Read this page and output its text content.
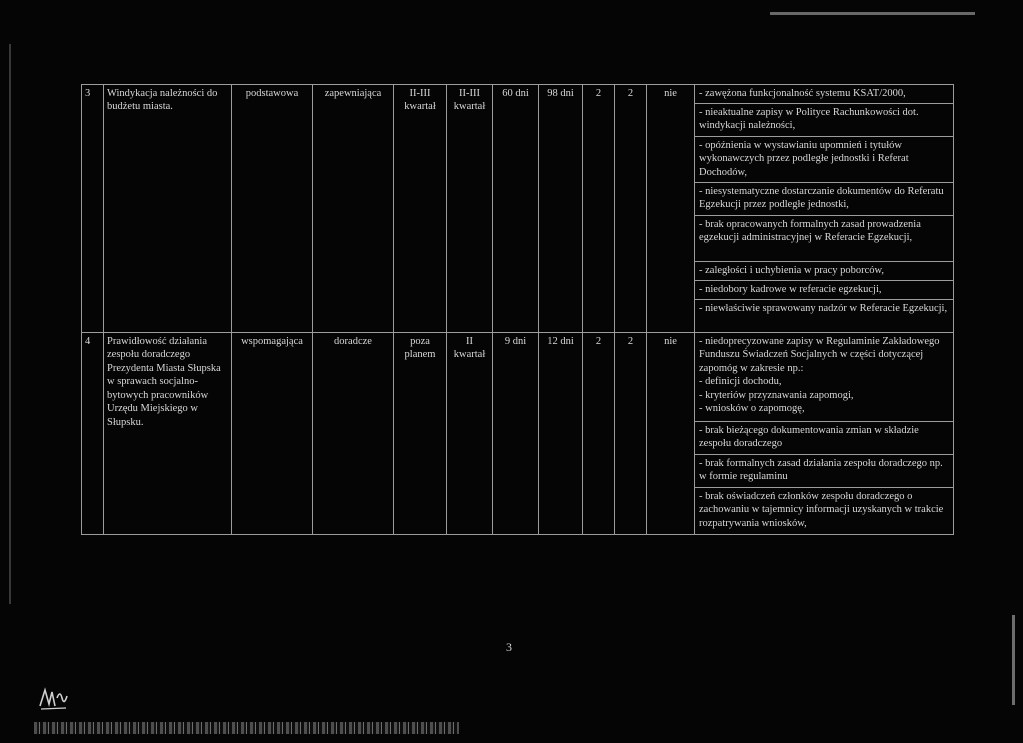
3	Windykacja należności do budżetu miasta.	podstawowa	zapewniająca	II-III kwartał	II-III kwartał	60 dni	98 dni	2	2	nie	- zawężona funkcjonalność systemu KSAT/2000,
											- nieaktualne zapisy w Polityce Rachunkowości dot. windykacji należności,
											- opóźnienia w wystawianiu upomnień i tytułów wykonawczych przez podległe jednostki i Referat Dochodów,
											- niesystematyczne dostarczanie dokumentów do Referatu Egzekucji przez podległe jednostki,
											- brak opracowanych formalnych zasad prowadzenia egzekucji administracyjnej w Referacie Egzekucji,
											- zaległości i uchybienia w pracy poborców,
											- niedobory kadrowe w referacie egzekucji,
											- niewłaściwie sprawowany nadzór w Referacie Egzekucji,
4	Prawidłowość działania zespołu doradczego Prezydenta Miasta Słupska w sprawach socjalno-bytowych pracowników Urzędu Miejskiego w Słupsku.	wspomagająca	doradcze	poza planem	II kwartał	9 dni	12 dni	2	2	nie	- niedoprecyzowane zapisy w Regulaminie Zakładowego Funduszu Świadczeń Socjalnych w części dotyczącej zapomóg w zakresie np.:
- definicji dochodu,
- kryteriów przyznawania zapomogi,
- wniosków o zapomogę,
											- brak bieżącego dokumentowania zmian w składzie zespołu doradczego
											- brak formalnych zasad działania zespołu doradczego np. w formie regulaminu
											- brak oświadczeń członków zespołu doradczego o zachowaniu w tajemnicy informacji uzyskanych w trakcie rozpatrywania wniosków,
3
